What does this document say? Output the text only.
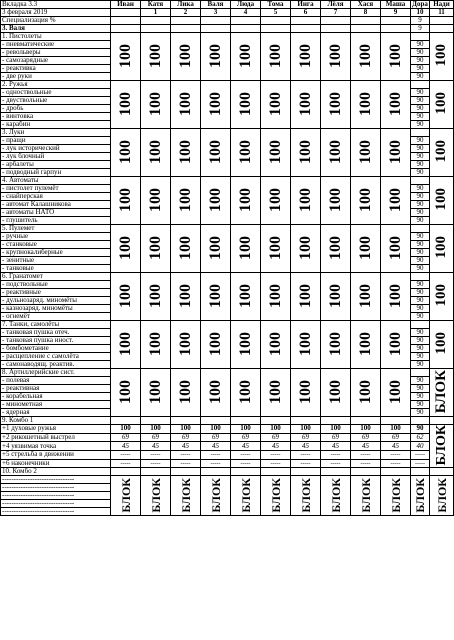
Вкладка 3.3	Иван	Катя	Лика	Валя	Люда	Тома	Инга	Лёля	Хася	Маша	Дора	Нади
3 февраля 2019		1	2	3	4	5	6	7	8	9	10	11
Специализация %											9	
3. Валя											9	
1. Пистолеты	100	100	100	100	100	100	100	100	100	100		100
- пневматические											90	
- револьверы											90	
- самозарядные											90	
- реактивка											90	
- две руки											90	
2. Ружья	100	100	100	100	100	100	100	100	100	100		100
- одноствольные											90	
- двуствольные											90	
- дробь											90	
- винтовка											90	
- карабин											90	
3. Луки	100	100	100	100	100	100	100	100	100	100		100
- пращи											90	
- лук исторический											90	
- лук блочный											90	
- арбалеты											90	
- подводный гарпун											90	
4. Автоматы	100	100	100	100	100	100	100	100	100	100		100
- пистолет пулемёт											90	
- снайперская											90	
- автомат Калашникова											90	
- автоматы НАТО											90	
- глушитель											90	
5. Пулемет	100	100	100	100	100	100	100	100	100	100		100
- ручные											90	
- станковые											90	
- крупнокалиберные											90	
- зенитные											90	
- танковые											90	
6. Гранатомет	100	100	100	100	100	100	100	100	100	100		100
- подствольные											90	
- реактивные											90	
- дульнозаряд. миномёты											90	
- казнозаряд. миномёты											90	
- огнемёт											90	
7. Танки, самолёты	100	100	100	100	100	100	100	100	100	100		100
- танковая пушка отеч.											90	
- танковая пушка иност.											90	
- бомбометание											90	
- расщепление с самолёта											90	
- самонаводящ. реактив.											90	
8. Артиллерийские сист.	100	100	100	100	100	100	100	100	100	100		БЛОК
- полевая											90	
- реактивная											90	
- корабельная											90	
- минометная											90	
- ядерная											90	
9. Комбо 1												
+1 духовые ружья	100	100	100	100	100	100	100	100	100	100	90	БЛОК
+2 рикошетный выстрел	69	69	69	69	69	69	69	69	69	69	62	
+4 уязвимая точка	45	45	45	45	45	45	45	45	45	45	40	
+5 стрельба в движении	-----	-----	-----	-----	-----	-----	-----	-----	-----	-----	-----	
+6 наконечники	-----	-----	-----	-----	-----	-----	-----	-----	-----	-----	-----	
10. Комбо 2												
-------------------------------	БЛОК	БЛОК	БЛОК	БЛОК	БЛОК	БЛОК	БЛОК	БЛОК	БЛОК	БЛОК	БЛОК	БЛОК
-------------------------------												
-------------------------------												
-------------------------------												
-------------------------------												
